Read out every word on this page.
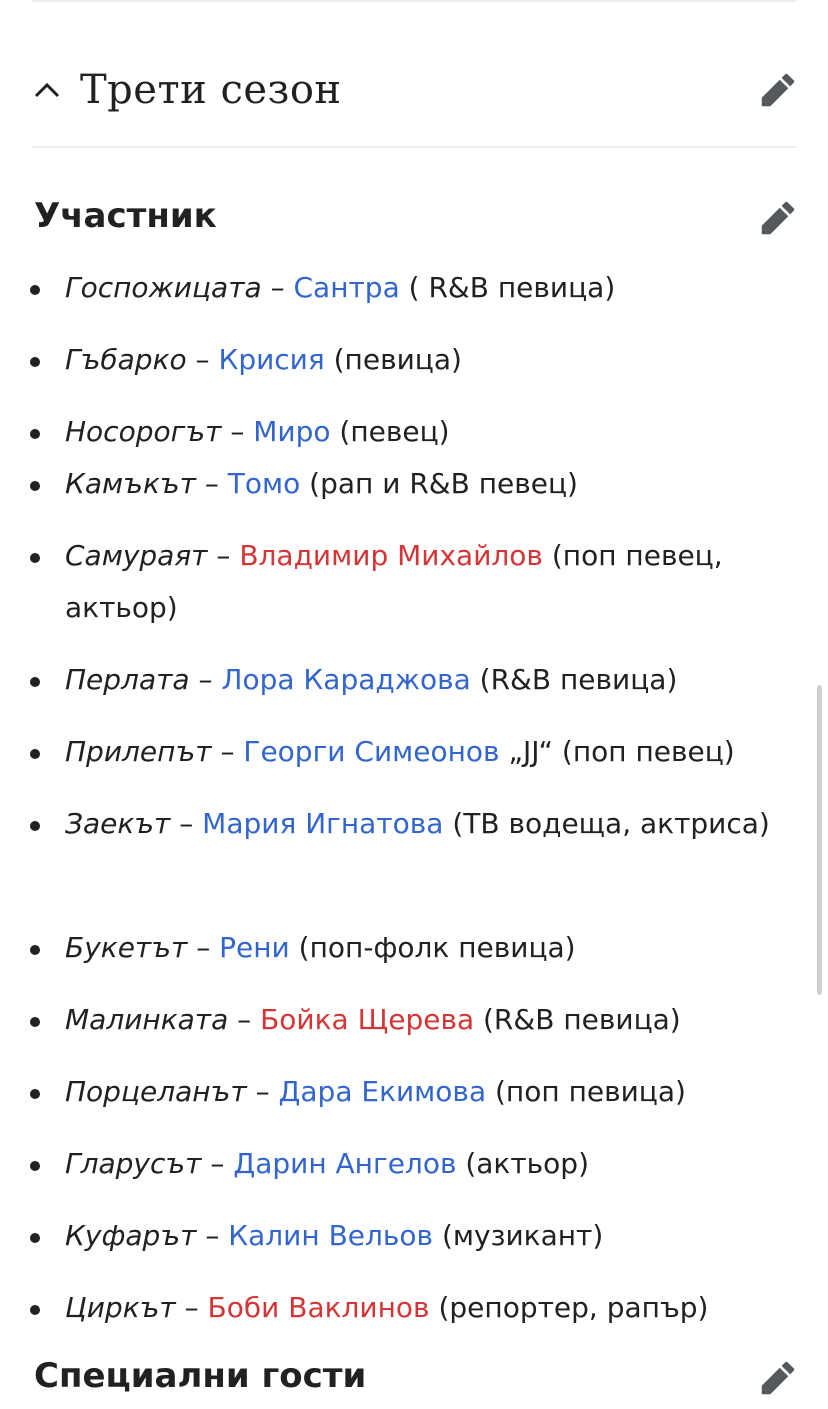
Трети сезон
Участник
Госпожицата – Сантра ( R&B певица)
Гъбарко – Крисия (певица)
Носорогът – Миро (певец)
Камъкът – Томо (рап и R&B певец)
Самураят – Владимир Михайлов (поп певец, актьор)
Перлата – Лора Караджова (R&B певица)
Прилепът – Георги Симеонов „JJ“ (поп певец)
Заекът – Мария Игнатова (ТВ водеща, актриса)
Букетът – Рени (поп-фолк певица)
Малинката – Бойка Щерева (R&B певица)
Порцеланът – Дара Екимова (поп певица)
Гларусът – Дарин Ангелов (актьор)
Куфарът – Калин Вельов (музикант)
Циркът – Боби Ваклинов (репортер, рапър)
Специални гости
